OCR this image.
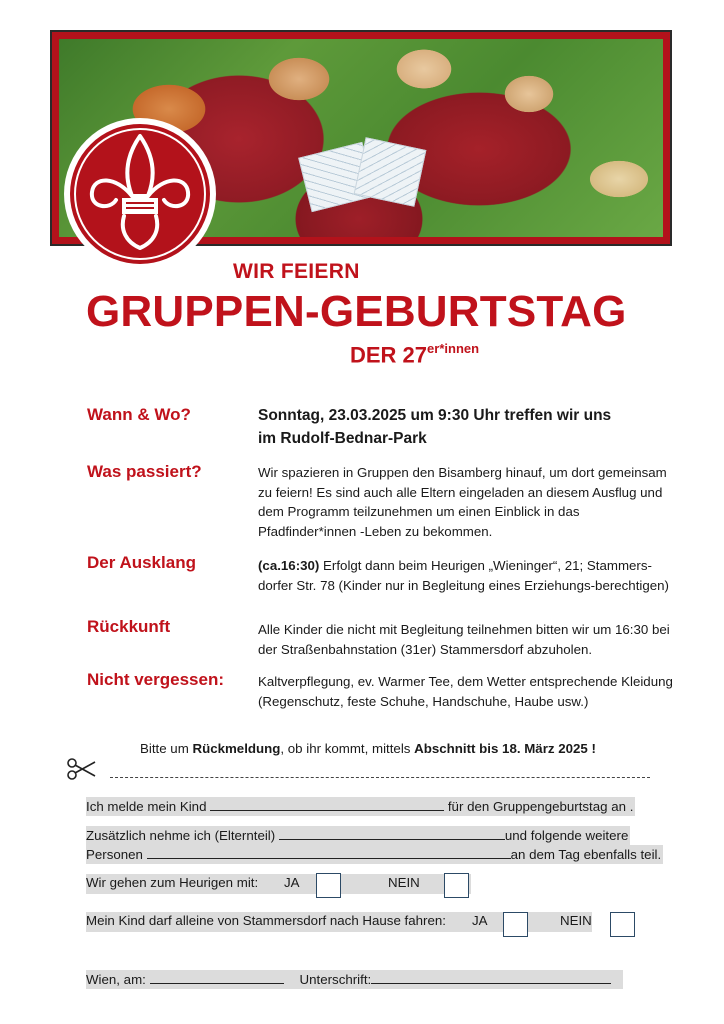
WIR FEIERN
GRUPPEN-GEBURTSTAG
DER $27^{er*innen}$
Wann & Wo?	Sonntag, 23.03.2025 um 9:30 Uhr treffen wir uns im Rudolf-Bednar-Park
Was passiert?	Wir spazieren in Gruppen den Bisamberg hinauf, um dort gemeinsam zu feiern! Es sind auch alle Eltern eingeladen an diesem Ausflug und dem Programm teilzunehmen um einen Einblick in das Pfadfinder*innen -Leben zu bekommen.
Der Ausklang	(ca.16:30) Erfolgt dann beim Heurigen „Wieninger“, 21; Stammers-dorfer Str. 78 (Kinder nur in Begleitung eines Erziehungs-berechtigen)
Rückkunft	Alle Kinder die nicht mit Begleitung teilnehmen bitten wir um 16:30 bei der Straßenbahnstation (31er) Stammersdorf abzuholen.
Nicht vergessen:	Kaltverpflegung, ev. Warmer Tee, dem Wetter entsprechende Kleidung (Regenschutz, feste Schuhe, Handschuhe, Haube usw.)
Bitte um Rückmeldung, ob ihr kommt, mittels Abschnitt bis 18. März 2025 !
Ich melde mein Kind	für den Gruppengeburtstag an .
Zusätzlich nehme ich (Elternteil)	und folgende weitere
Personen	an dem Tag ebenfalls teil.
Wir gehen zum Heurigen mit: JA	NEIN
Mein Kind darf alleine von Stammersdorf nach Hause fahren: JA	NEIN
Wien, am:	Unterschrift:
